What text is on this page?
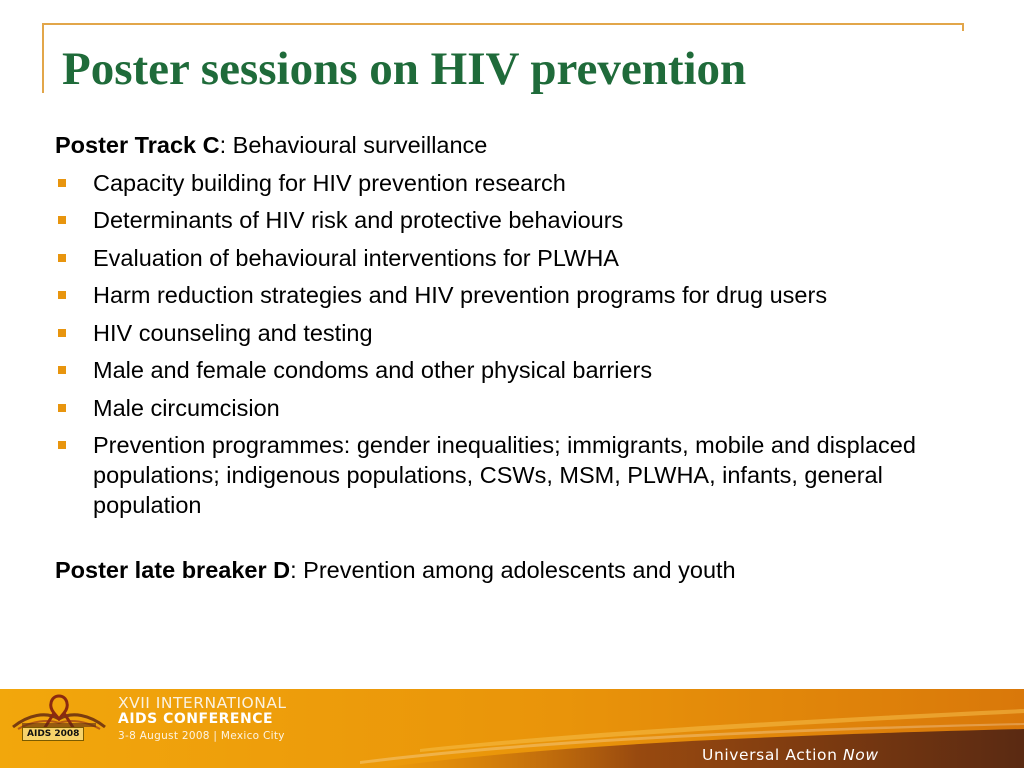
Poster sessions on HIV prevention

Poster Track C: Behavioural surveillance

Capacity building for HIV prevention research
Determinants of HIV risk and protective behaviours
Evaluation of behavioural interventions for PLWHA
Harm reduction strategies and HIV prevention programs for drug users
HIV counseling and testing
Male and female condoms and other physical barriers
Male circumcision
Prevention programmes: gender inequalities; immigrants, mobile and displaced populations; indigenous populations, CSWs, MSM, PLWHA, infants, general population

Poster late breaker D: Prevention among adolescents and youth

AIDS 2008
XVII INTERNATIONAL
AIDS CONFERENCE
3-8 August 2008 | Mexico City
Universal Action Now
